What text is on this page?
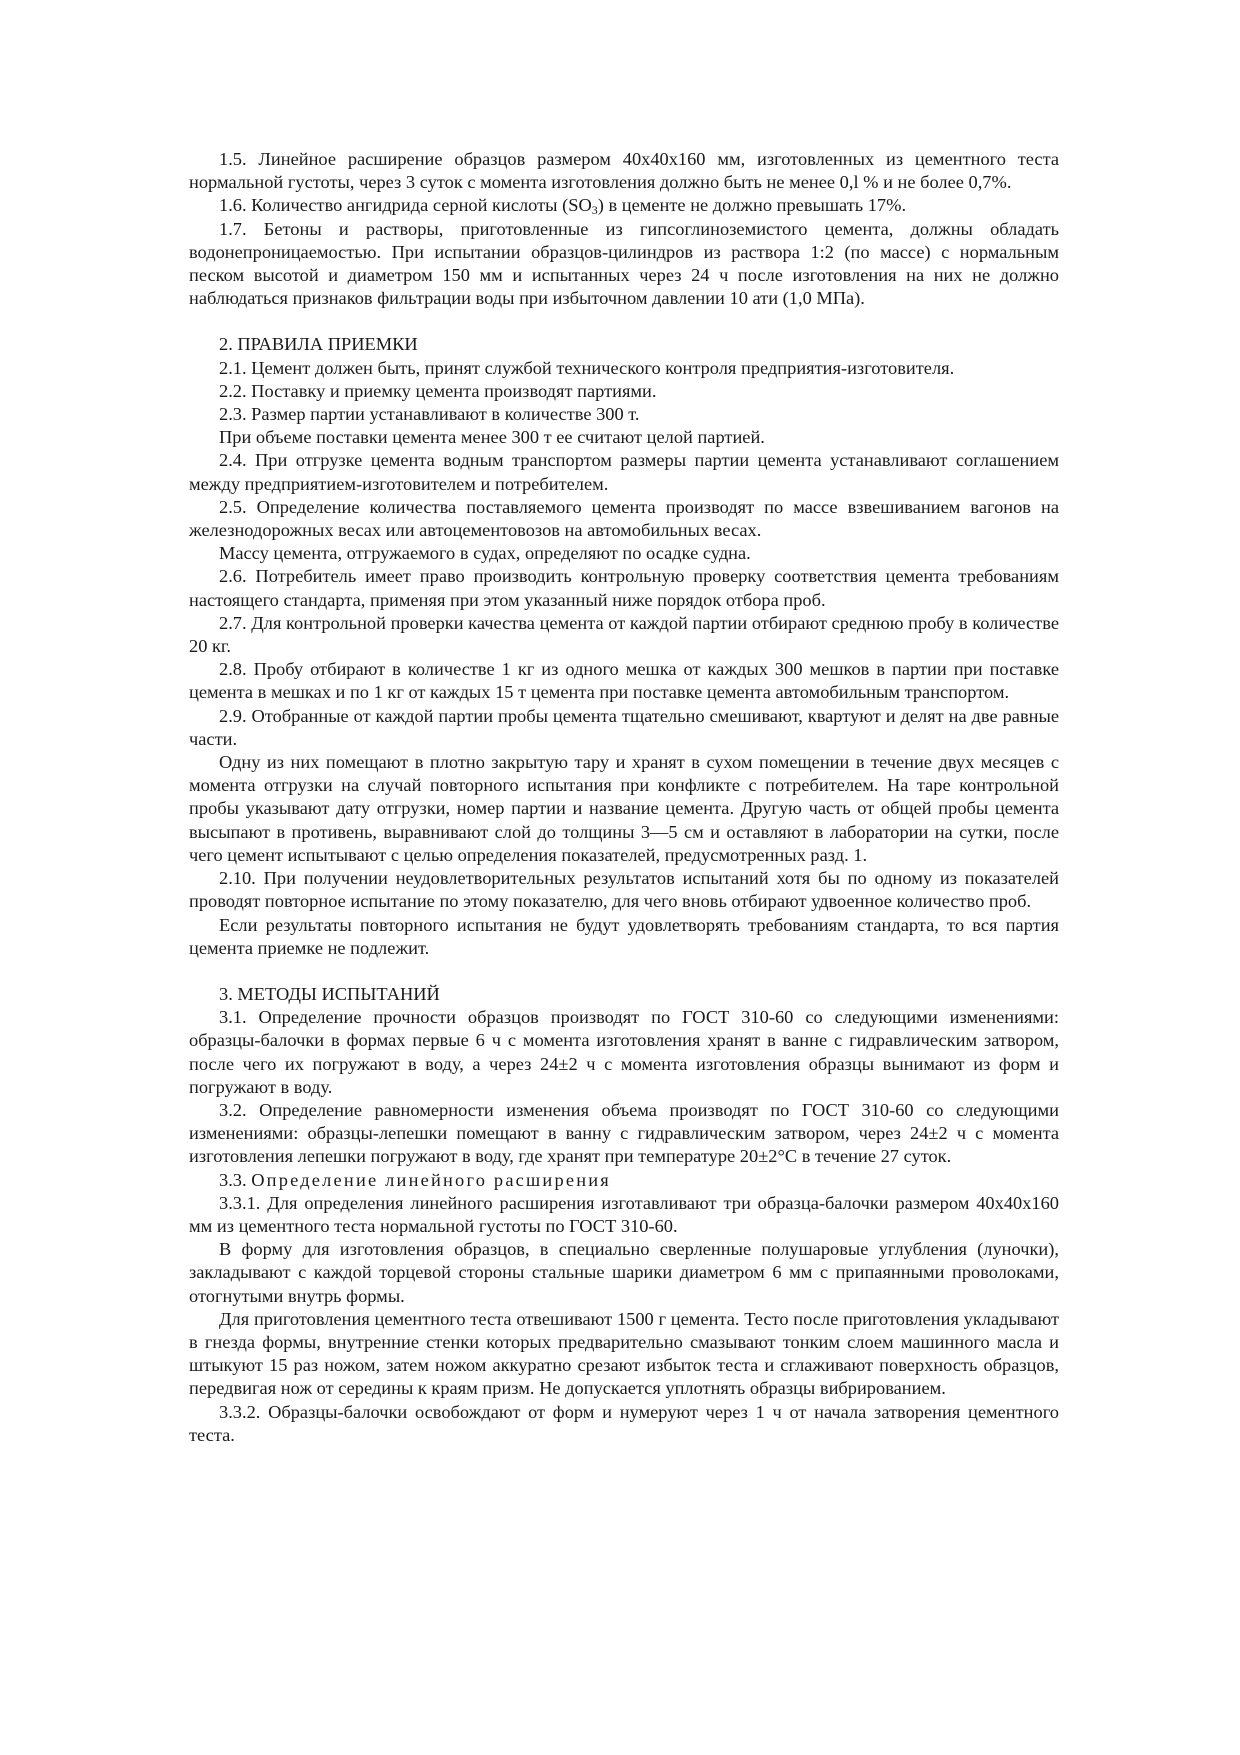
1.5. Линейное расширение образцов размером 40x40x160 мм, изготовленных из цементного теста нормальной густоты, через 3 суток с момента изготовления должно быть не менее 0,l % и не более 0,7%.

1.6. Количество ангидрида серной кислоты $(SO_3)$ в цементе не должно превышать 17%.

1.7. Бетоны и растворы, приготовленные из гипсоглиноземистого цемента, должны обладать водонепроницаемостью. При испытании образцов-цилиндров из раствора 1:2 (по массе) с нормальным песком высотой и диаметром 150 мм и испытанных через 24 ч после изготовления на них не должно наблюдаться признаков фильтрации воды при избыточном давлении 10 ати (1,0 МПа).

2. ПРАВИЛА ПРИЕМКИ

2.1. Цемент должен быть, принят службой технического контроля предприятия-изготовителя.

2.2. Поставку и приемку цемента производят партиями.

2.3. Размер партии устанавливают в количестве 300 т.

При объеме поставки цемента менее 300 т ее считают целой партией.

2.4. При отгрузке цемента водным транспортом размеры партии цемента устанавливают соглашением между предприятием-изготовителем и потребителем.

2.5. Определение количества поставляемого цемента производят по массе взвешиванием вагонов на железнодорожных весах или автоцементовозов на автомобильных весах.

Массу цемента, отгружаемого в судах, определяют по осадке судна.

2.6. Потребитель имеет право производить контрольную проверку соответствия цемента требованиям настоящего стандарта, применяя при этом указанный ниже порядок отбора проб.

2.7. Для контрольной проверки качества цемента от каждой партии отбирают среднюю пробу в количестве 20 кг.

2.8. Пробу отбирают в количестве 1 кг из одного мешка от каждых 300 мешков в партии при поставке цемента в мешках и по 1 кг от каждых 15 т цемента при поставке цемента автомобильным транспортом.

2.9. Отобранные от каждой партии пробы цемента тщательно смешивают, квартуют и делят на две равные части.

Одну из них помещают в плотно закрытую тару и хранят в сухом помещении в течение двух месяцев с момента отгрузки на случай повторного испытания при конфликте с потребителем. На таре контрольной пробы указывают дату отгрузки, номер партии и название цемента. Другую часть от общей пробы цемента высыпают в противень, выравнивают слой до толщины 3—5 см и оставляют в лаборатории на сутки, после чего цемент испытывают с целью определения показателей, предусмотренных разд. 1.

2.10. При получении неудовлетворительных результатов испытаний хотя бы по одному из показателей проводят повторное испытание по этому показателю, для чего вновь отбирают удвоенное количество проб.

Если результаты повторного испытания не будут удовлетворять требованиям стандарта, то вся партия цемента приемке не подлежит.

3. МЕТОДЫ ИСПЫТАНИЙ

3.1. Определение прочности образцов производят по ГОСТ 310-60 со следующими изменениями: образцы-балочки в формах первые 6 ч с момента изготовления хранят в ванне с гидравлическим затвором, после чего их погружают в воду, а через 24±2 ч с момента изготовления образцы вынимают из форм и погружают в воду.

3.2. Определение равномерности изменения объема производят по ГОСТ 310-60 со следующими изменениями: образцы-лепешки помещают в ванну с гидравлическим затвором, через 24±2 ч с момента изготовления лепешки погружают в воду, где хранят при температуре 20±2°С в течение 27 суток.

3.3. Определение линейного расширения

3.3.1. Для определения линейного расширения изготавливают три образца-балочки размером 40x40x160 мм из цементного теста нормальной густоты по ГОСТ 310-60.

В форму для изготовления образцов, в специально сверленные полушаровые углубления (луночки), закладывают с каждой торцевой стороны стальные шарики диаметром 6 мм с припаянными проволоками, отогнутыми внутрь формы.

Для приготовления цементного теста отвешивают 1500 г цемента. Тесто после приготовления укладывают в гнезда формы, внутренние стенки которых предварительно смазывают тонким слоем машинного масла и штыкуют 15 раз ножом, затем ножом аккуратно срезают избыток теста и сглаживают поверхность образцов, передвигая нож от середины к краям призм. Не допускается уплотнять образцы вибрированием.

3.3.2. Образцы-балочки освобождают от форм и нумеруют через 1 ч от начала затворения цементного теста.
